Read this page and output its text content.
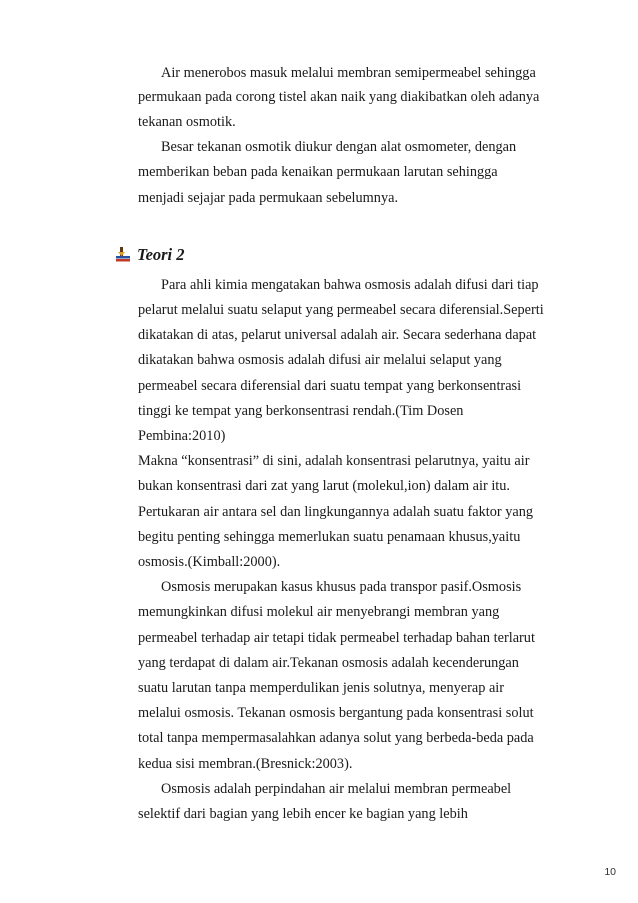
Air menerobos masuk melalui membran semipermeabel sehingga
permukaan pada corong tistel akan naik yang diakibatkan oleh adanya
tekanan osmotik.
Besar tekanan osmotik diukur dengan alat osmometer, dengan
memberikan beban pada kenaikan permukaan larutan sehingga
menjadi sejajar pada permukaan sebelumnya.
Teori 2
Para ahli kimia mengatakan bahwa osmosis adalah difusi dari tiap
pelarut melalui suatu selaput yang permeabel secara diferensial.Seperti
dikatakan di atas, pelarut universal adalah air. Secara sederhana dapat
dikatakan bahwa osmosis adalah difusi air melalui selaput yang
permeabel secara diferensial dari suatu tempat yang berkonsentrasi
tinggi ke tempat yang berkonsentrasi rendah.(Tim Dosen
Pembina:2010)
Makna “konsentrasi” di sini, adalah konsentrasi pelarutnya, yaitu air
bukan konsentrasi dari zat yang larut (molekul,ion) dalam air itu.
Pertukaran air antara sel dan lingkungannya adalah suatu faktor yang
begitu penting sehingga memerlukan suatu penamaan khusus,yaitu
osmosis.(Kimball:2000).
Osmosis merupakan kasus khusus pada transpor pasif.Osmosis
memungkinkan difusi molekul air menyebrangi membran yang
permeabel terhadap air tetapi tidak permeabel terhadap bahan terlarut
yang terdapat di dalam air.Tekanan osmosis adalah kecenderungan
suatu larutan tanpa memperdulikan jenis solutnya, menyerap air
melalui osmosis. Tekanan osmosis bergantung pada konsentrasi solut
total tanpa mempermasalahkan adanya solut yang berbeda-beda pada
kedua sisi membran.(Bresnick:2003).
Osmosis adalah perpindahan air melalui membran permeabel
selektif dari bagian yang lebih encer ke bagian yang lebih
10
